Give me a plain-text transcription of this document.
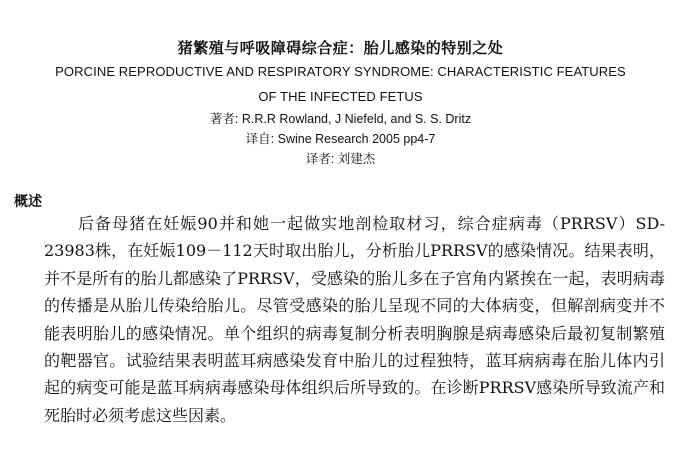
猪繁殖与呼吸障碍综合症：胎儿感染的特别之处

PORCINE REPRODUCTIVE AND RESPIRATORY SYNDROME: CHARACTERISTIC FEATURES

OF THE INFECTED FETUS

著者: R.R.R Rowland, J Niefeld, and S. S. Dritz

译自: Swine Research 2005 pp4-7

译者: 刘建杰

概述

后备母猪在妊娠90并和她一起做实地剖检取材习，综合症病毒（PRRSV）SD-23983株，在妊娠109－112天时取出胎儿，分析胎儿PRRSV的感染情况。结果表明，并不是所有的胎儿都感染了PRRSV，受感染的胎儿多在子宫角内紧挨在一起，表明病毒的传播是从胎儿传染给胎儿。尽管受感染的胎儿呈现不同的大体病变，但解剖病变并不能表明胎儿的感染情况。单个组织的病毒复制分析表明胸腺是病毒感染后最初复制繁殖的靶器官。试验结果表明蓝耳病感染发育中胎儿的过程独特，蓝耳病病毒在胎儿体内引起的病变可能是蓝耳病病毒感染母体组织后所导致的。在诊断PRRSV感染所导致流产和死胎时必须考虑这些因素。
